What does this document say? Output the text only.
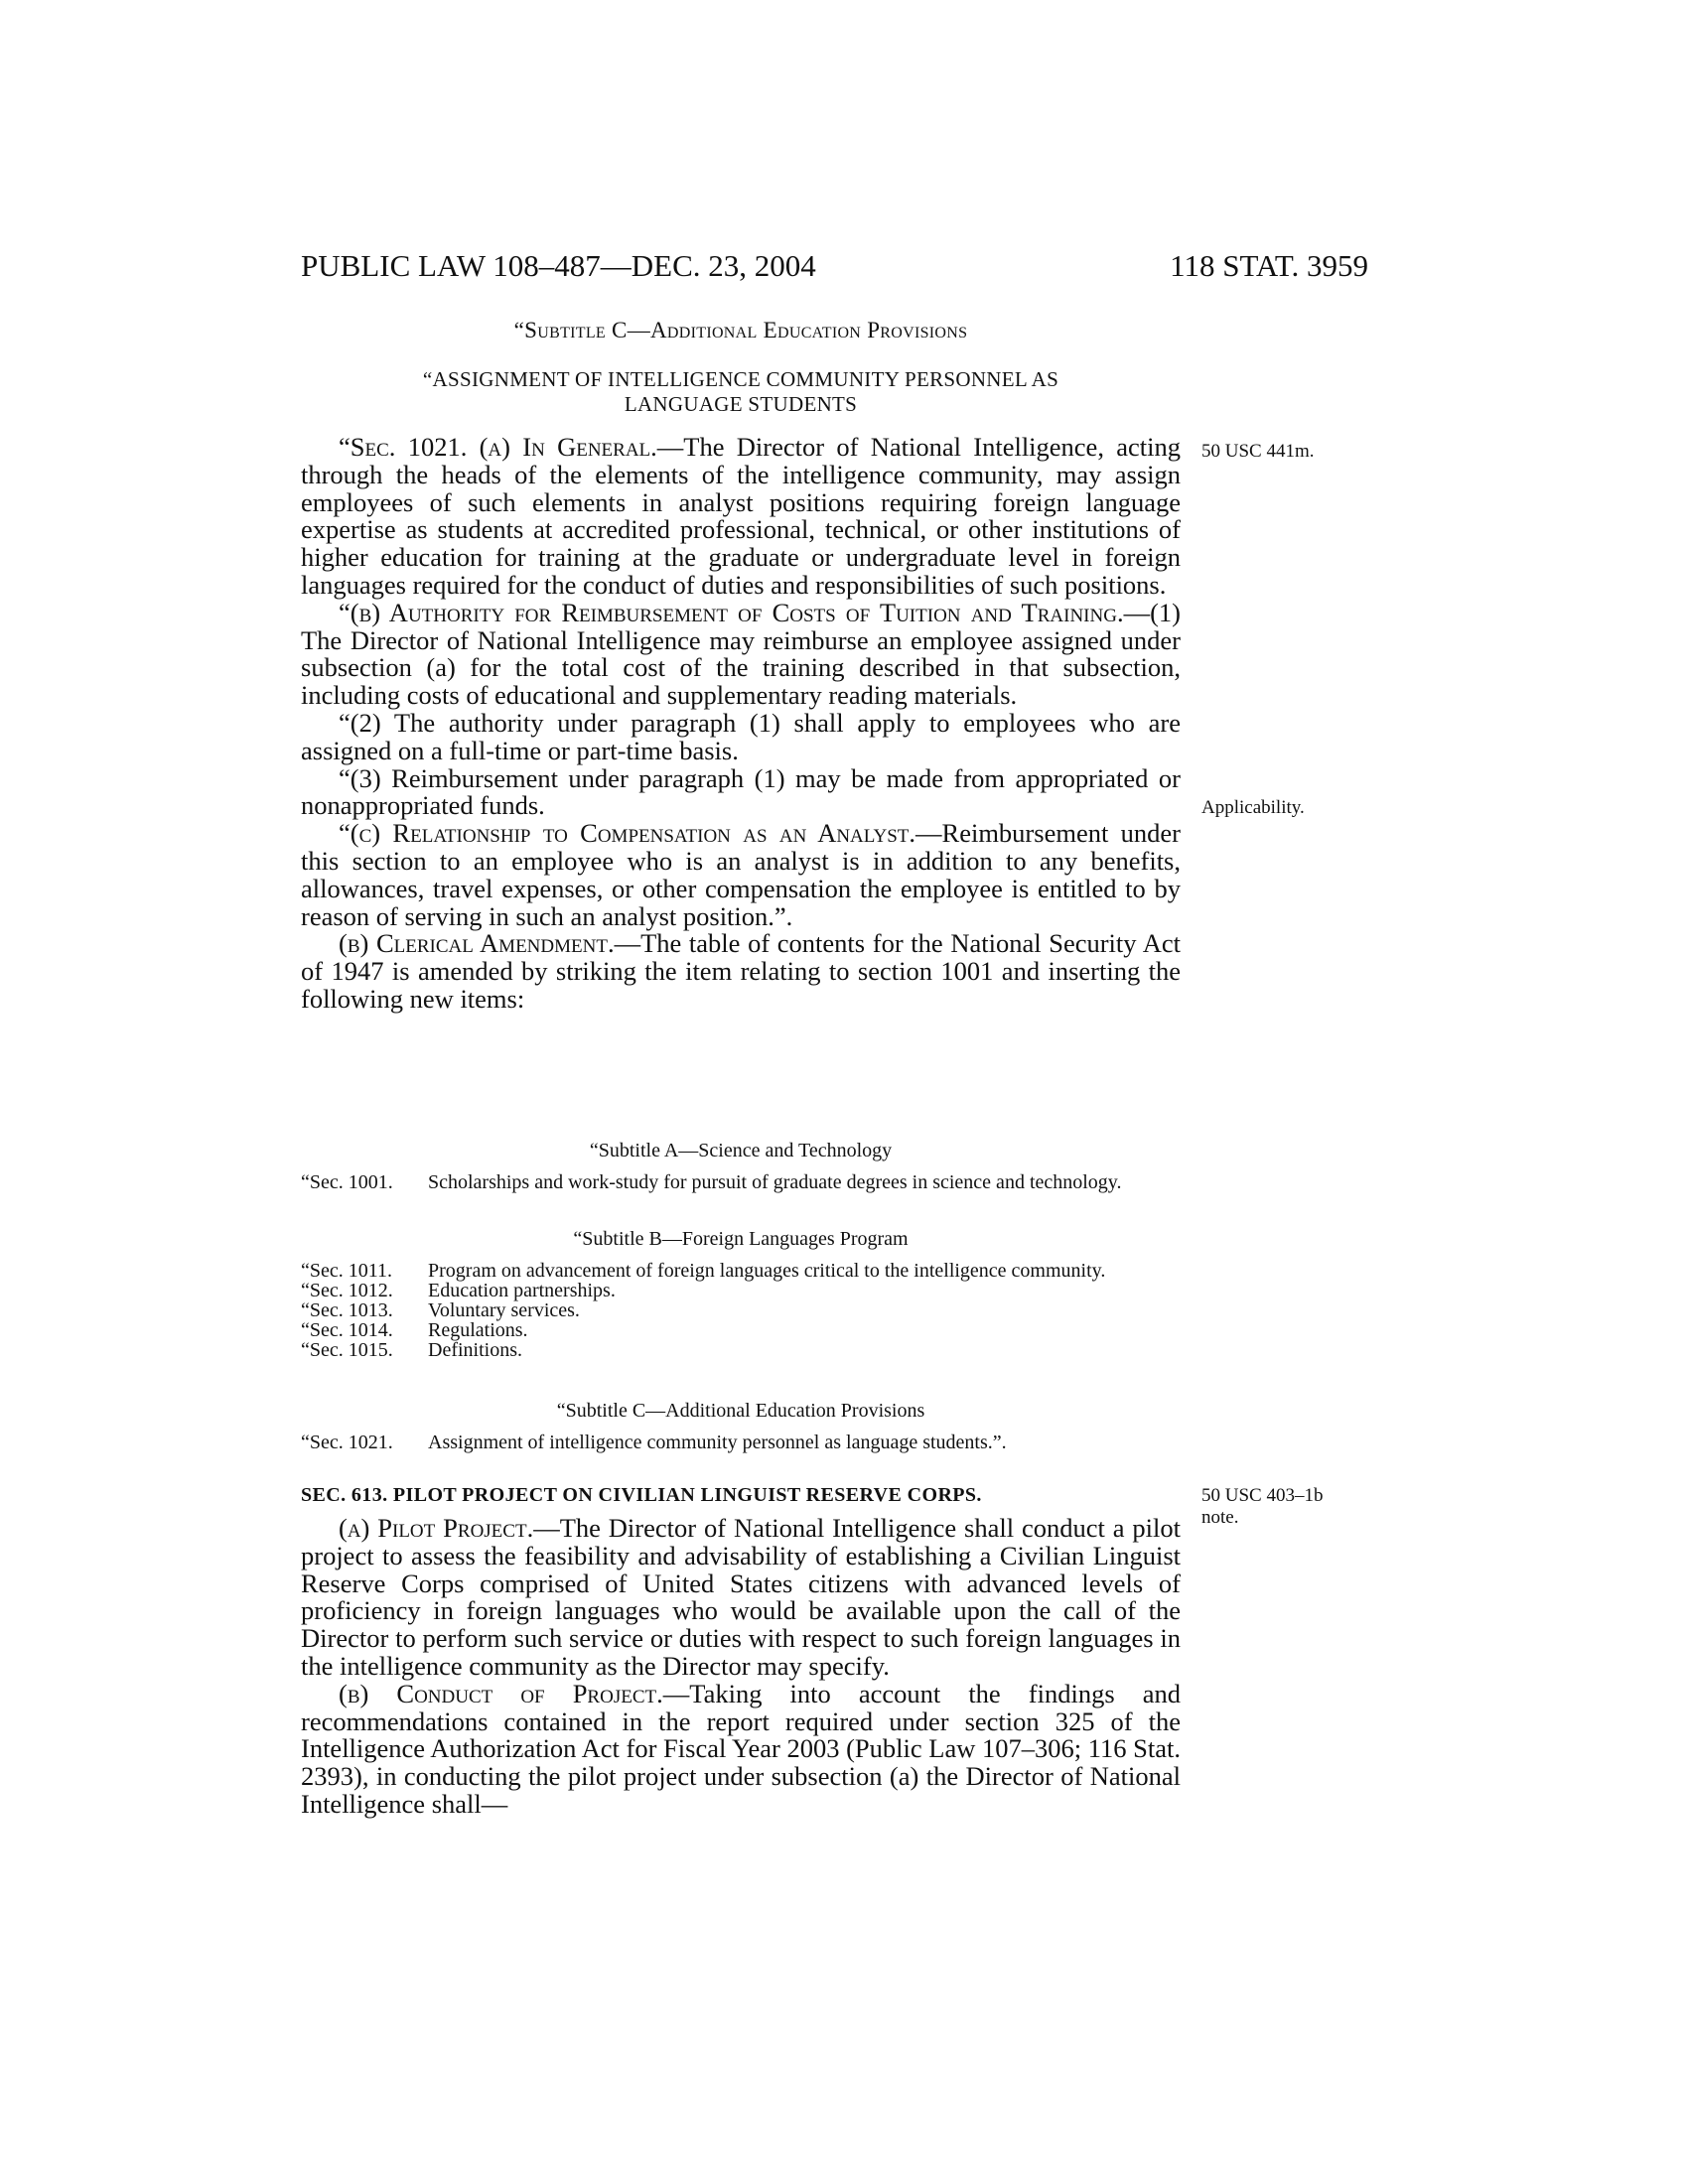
PUBLIC LAW 108–487—DEC. 23, 2004	118 STAT. 3959
“Subtitle C—Additional Education Provisions
“ASSIGNMENT OF INTELLIGENCE COMMUNITY PERSONNEL AS
LANGUAGE STUDENTS

“Sec. 1021. (a) In General.—The Director of National Intelligence, acting through the heads of the elements of the intelligence community, may assign employees of such elements in analyst positions requiring foreign language expertise as students at accredited professional, technical, or other institutions of higher education for training at the graduate or undergraduate level in foreign languages required for the conduct of duties and responsibilities of such positions.

“(b) Authority for Reimbursement of Costs of Tuition and Training.—(1) The Director of National Intelligence may reimburse an employee assigned under subsection (a) for the total cost of the training described in that subsection, including costs of educational and supplementary reading materials.

“(2) The authority under paragraph (1) shall apply to employees who are assigned on a full-time or part-time basis.

“(3) Reimbursement under paragraph (1) may be made from appropriated or nonappropriated funds.

“(c) Relationship to Compensation as an Analyst.—Reimbursement under this section to an employee who is an analyst is in addition to any benefits, allowances, travel expenses, or other compensation the employee is entitled to by reason of serving in such an analyst position.”.

(b) Clerical Amendment.—The table of contents for the National Security Act of 1947 is amended by striking the item relating to section 1001 and inserting the following new items:

“Subtitle A—Science and Technology
“Sec. 1001.	Scholarships and work-study for pursuit of graduate degrees in science and technology.
“Subtitle B—Foreign Languages Program
“Sec. 1011.	Program on advancement of foreign languages critical to the intelligence community.
“Sec. 1012.	Education partnerships.
“Sec. 1013.	Voluntary services.
“Sec. 1014.	Regulations.
“Sec. 1015.	Definitions.
“Subtitle C—Additional Education Provisions
“Sec. 1021.	Assignment of intelligence community personnel as language students.”.
SEC. 613. PILOT PROJECT ON CIVILIAN LINGUIST RESERVE CORPS.

(a) Pilot Project.—The Director of National Intelligence shall conduct a pilot project to assess the feasibility and advisability of establishing a Civilian Linguist Reserve Corps comprised of United States citizens with advanced levels of proficiency in foreign languages who would be available upon the call of the Director to perform such service or duties with respect to such foreign languages in the intelligence community as the Director may specify.

(b) Conduct of Project.—Taking into account the findings and recommendations contained in the report required under section 325 of the Intelligence Authorization Act for Fiscal Year 2003 (Public Law 107–306; 116 Stat. 2393), in conducting the pilot project under subsection (a) the Director of National Intelligence shall—

50 USC 441m.
Applicability.
50 USC 403–1b
note.
